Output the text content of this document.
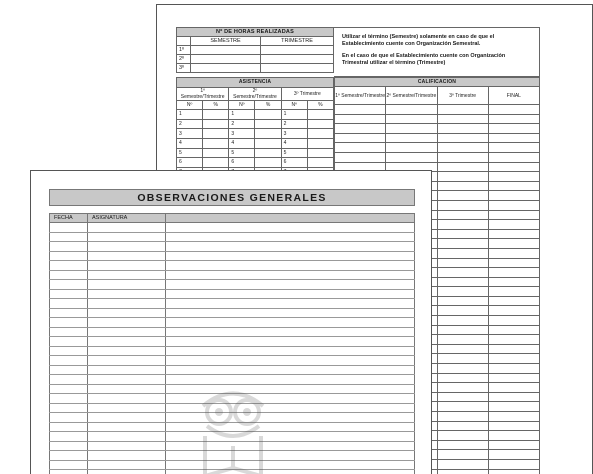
Nº DE HORAS REALIZADAS		
	SEMESTRE	TRIMESTRE
1º		
2º		
3º		

Utilizar el término (Semestre) solamente en caso de que el Establecimiento cuente con Organización Semestral.

En el caso de que el Establecimiento cuente con Organización Trimestral utilizar el término (Trimestre)

ASISTENCIA					
1º Semestre/Trimestre		2º Semestre/Trimestre		3º Trimestre	
Nº	%	Nº	%	Nº	%
1		1		1	
2		2		2	
3		3		3	
4		4		4	
5		5		5	
6		6		6	

CALIFICACION			
1º Semestre/Trimestre	2º Semestre/Trimestre	3º Trimestre	FINAL

OBSERVACIONES GENERALES
FECHA	ASIGNATURA	
